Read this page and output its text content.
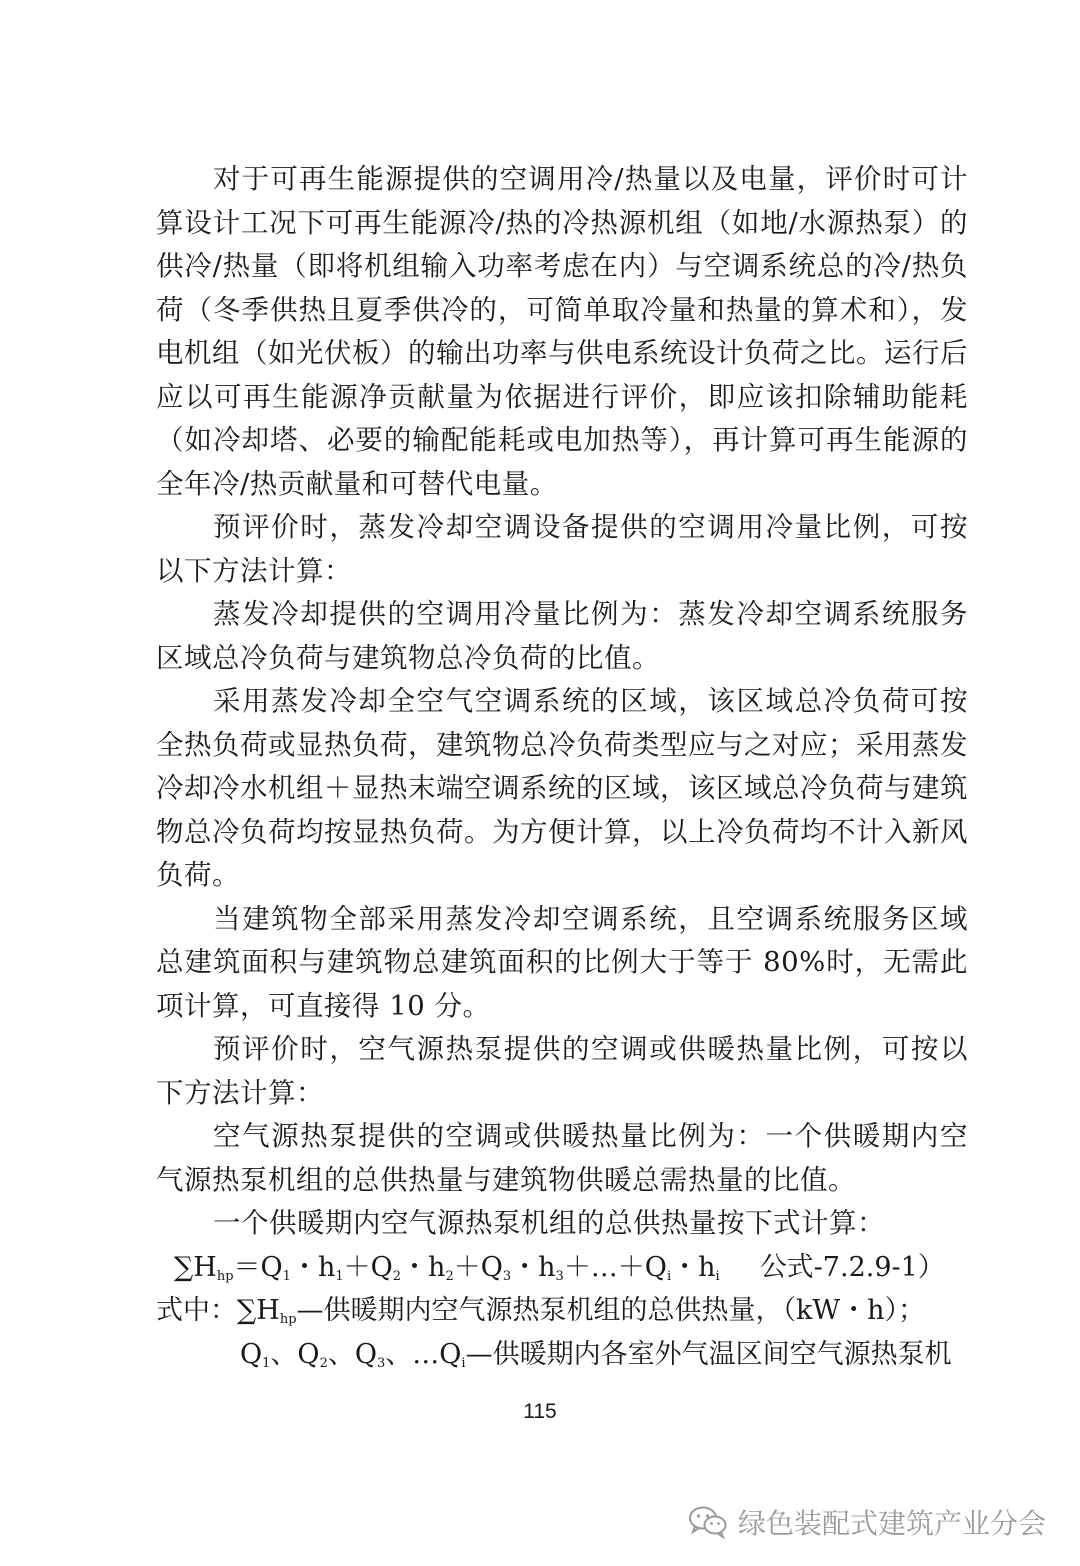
对于可再生能源提供的空调用冷/热量以及电量，评价时可计算设计工况下可再生能源冷/热的冷热源机组（如地/水源热泵）的供冷/热量（即将机组输入功率考虑在内）与空调系统总的冷/热负荷（冬季供热且夏季供冷的，可简单取冷量和热量的算术和），发电机组（如光伏板）的输出功率与供电系统设计负荷之比。运行后应以可再生能源净贡献量为依据进行评价，即应该扣除辅助能耗（如冷却塔、必要的输配能耗或电加热等），再计算可再生能源的全年冷/热贡献量和可替代电量。

预评价时，蒸发冷却空调设备提供的空调用冷量比例，可按以下方法计算：

蒸发冷却提供的空调用冷量比例为：蒸发冷却空调系统服务区域总冷负荷与建筑物总冷负荷的比值。

采用蒸发冷却全空气空调系统的区域，该区域总冷负荷可按全热负荷或显热负荷，建筑物总冷负荷类型应与之对应；采用蒸发冷却冷水机组＋显热末端空调系统的区域，该区域总冷负荷与建筑物总冷负荷均按显热负荷。为方便计算，以上冷负荷均不计入新风负荷。

当建筑物全部采用蒸发冷却空调系统，且空调系统服务区域总建筑面积与建筑物总建筑面积的比例大于等于 80%时，无需此项计算，可直接得 10 分。

预评价时，空气源热泵提供的空调或供暖热量比例，可按以下方法计算：

空气源热泵提供的空调或供暖热量比例为：一个供暖期内空气源热泵机组的总供热量与建筑物供暖总需热量的比值。

一个供暖期内空气源热泵机组的总供热量按下式计算：

$\sum H_{hp}=Q_1$・$h_1+Q_2$・$h_2+Q_3$・$h_3+\dots+Q_i$・$h_i$ 公式-7.2.9-1）

式中：$\sum H_{hp}—$供暖期内空气源热泵机组的总供热量，（kW・h）；

$Q_1$、$Q_2$、$Q_3$、$\dots Q_i—$供暖期内各室外气温区间空气源热泵机

115
绿色装配式建筑产业分会
